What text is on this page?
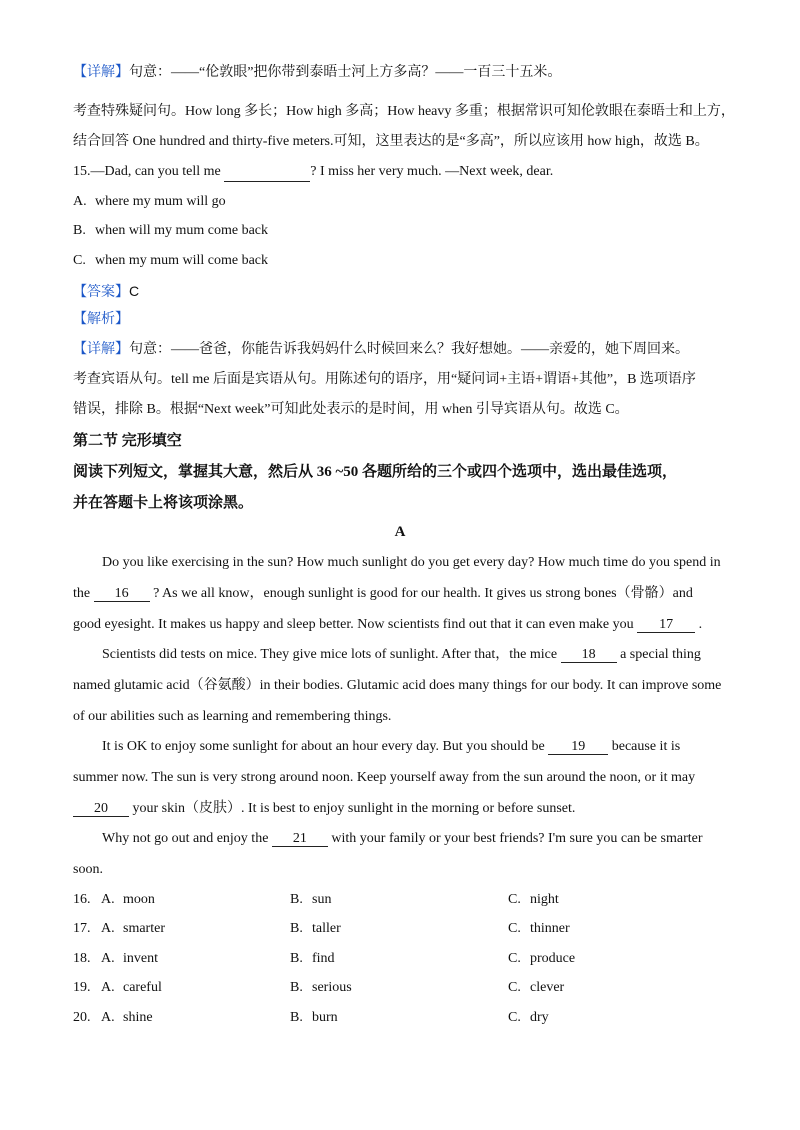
【详解】句意：——“伦敦眼”把你带到泰晤士河上方多高？——一百三十五米。
考查特殊疑问句。How long 多长；How high 多高；How heavy 多重；根据常识可知伦敦眼在泰晤士和上方，
结合回答 One hundred and thirty-five meters.可知，这里表达的是“多高”，所以应该用 how high，故选 B。
15.—Dad, can you tell me	? I miss her very much. —Next week, dear.
A. where my mum will go
B. when will my mum come back
C. when my mum will come back
【答案】C
【解析】
【详解】句意：——爸爸，你能告诉我妈妈什么时候回来么？我好想她。——亲爱的，她下周回来。
考查宾语从句。tell me 后面是宾语从句。用陈述句的语序，用“疑问词+主语+谓语+其他”，B 选项语序
错误，排除 B。根据“Next week”可知此处表示的是时间，用 when 引导宾语从句。故选 C。
第二节 完形填空
阅读下列短文，掌握其大意，然后从 36 ~50 各题所给的三个或四个选项中，选出最佳选项，
并在答题卡上将该项涂黑。
A
Do you like exercising in the sun? How much sunlight do you get every day? How much time do you spend in
the 16 ? As we all know，enough sunlight is good for our health. It gives us strong bones（骨骼）and
good eyesight. It makes us happy and sleep better. Now scientists find out that it can even make you 17 .
Scientists did tests on mice. They give mice lots of sunlight. After that，the mice 18 a special thing
named glutamic acid（谷氨酸）in their bodies. Glutamic acid does many things for our body. It can improve some
of our abilities such as learning and remembering things.
It is OK to enjoy some sunlight for about an hour every day. But you should be 19 because it is
summer now. The sun is very strong around noon. Keep yourself away from the sun around the noon, or it may
20 your skin（皮肤）. It is best to enjoy sunlight in the morning or before sunset.
Why not go out and enjoy the 21 with your family or your best friends? I'm sure you can be smarter
soon.
16. A. moon	B. sun	C. night
17. A. smarter	B. taller	C. thinner
18. A. invent	B. find	C. produce
19. A. careful	B. serious	C. clever
20. A. shine	B. burn	C. dry
